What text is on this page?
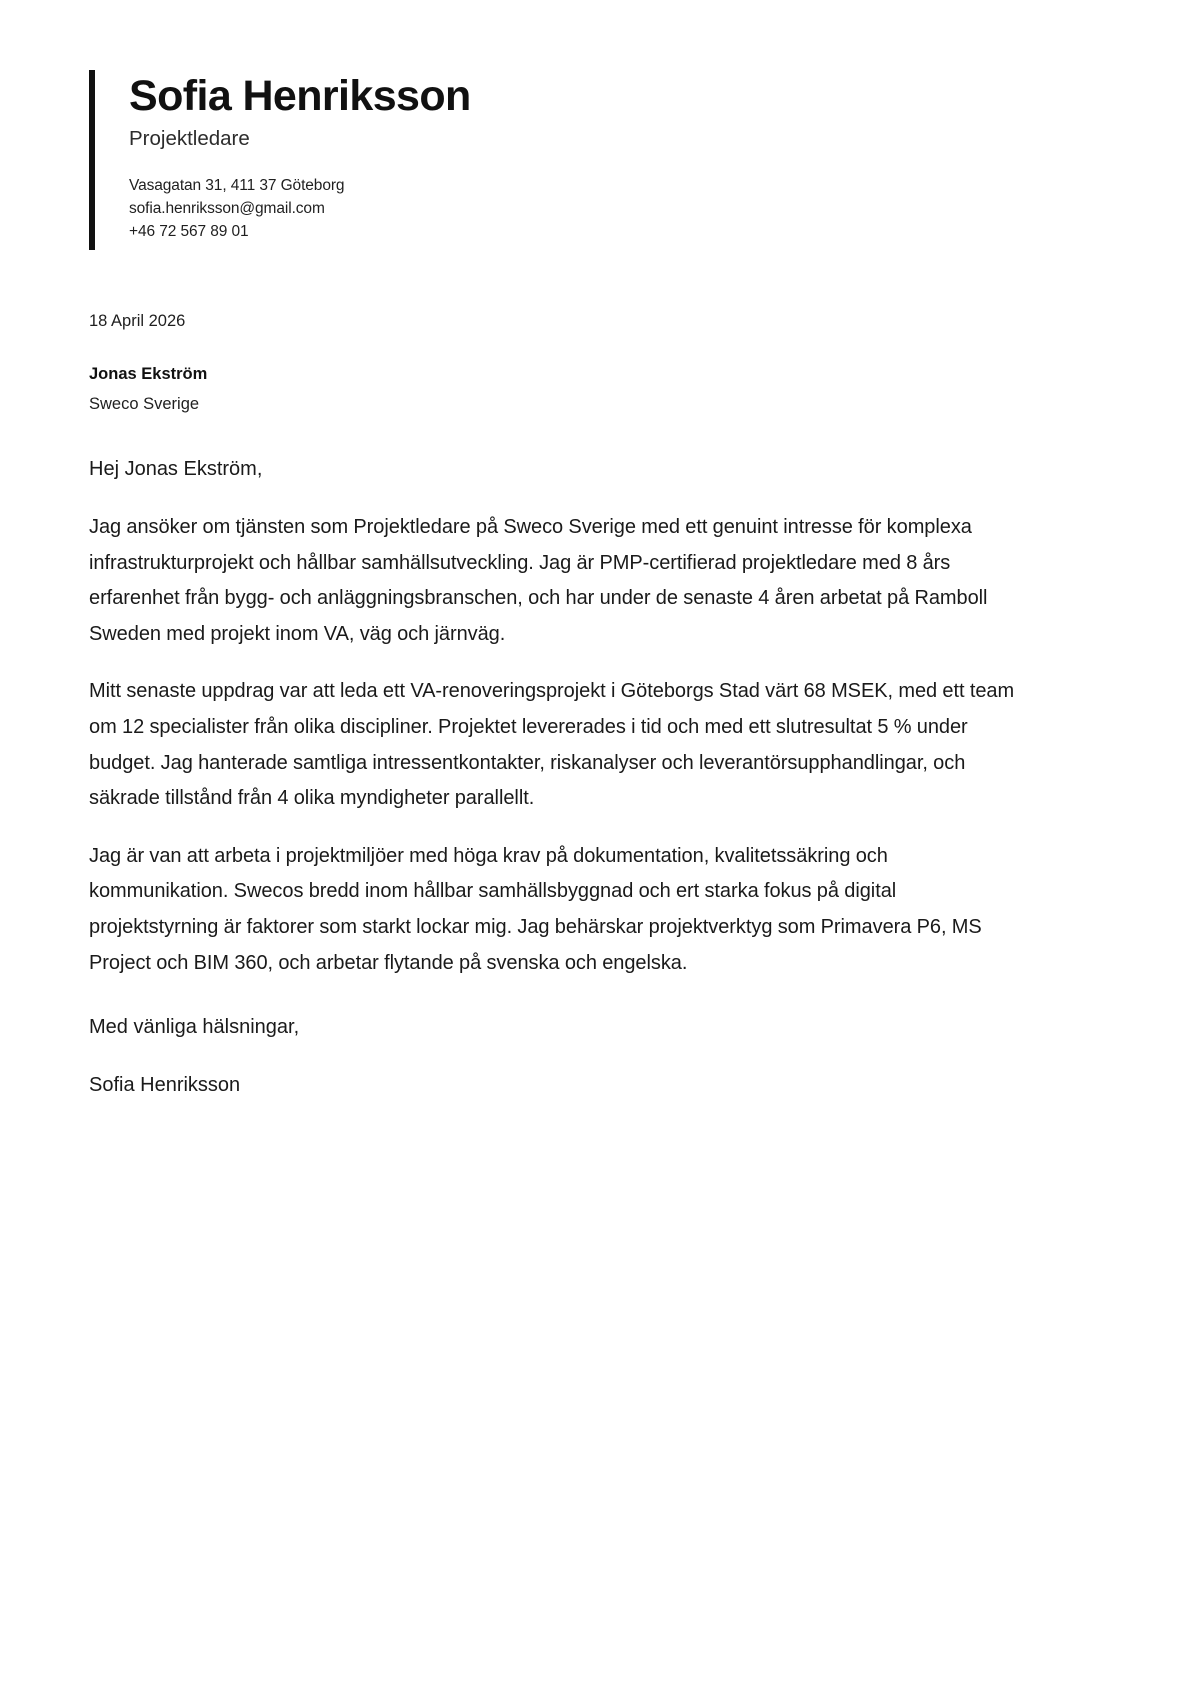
Sofia Henriksson
Projektledare
Vasagatan 31, 411 37 Göteborg
sofia.henriksson@gmail.com
+46 72 567 89 01
18 April 2026
Jonas Ekström
Sweco Sverige

Hej Jonas Ekström,

Jag ansöker om tjänsten som Projektledare på Sweco Sverige med ett genuint intresse för komplexa infrastrukturprojekt och hållbar samhällsutveckling. Jag är PMP-certifierad projektledare med 8 års erfarenhet från bygg- och anläggningsbranschen, och har under de senaste 4 åren arbetat på Ramboll Sweden med projekt inom VA, väg och järnväg.

Mitt senaste uppdrag var att leda ett VA-renoveringsprojekt i Göteborgs Stad värt 68 MSEK, med ett team om 12 specialister från olika discipliner. Projektet levererades i tid och med ett slutresultat 5 % under budget. Jag hanterade samtliga intressentkontakter, riskanalyser och leverantörsupphandlingar, och säkrade tillstånd från 4 olika myndigheter parallellt.

Jag är van att arbeta i projektmiljöer med höga krav på dokumentation, kvalitetssäkring och kommunikation. Swecos bredd inom hållbar samhällsbyggnad och ert starka fokus på digital projektstyrning är faktorer som starkt lockar mig. Jag behärskar projektverktyg som Primavera P6, MS Project och BIM 360, och arbetar flytande på svenska och engelska.

Med vänliga hälsningar,

Sofia Henriksson
